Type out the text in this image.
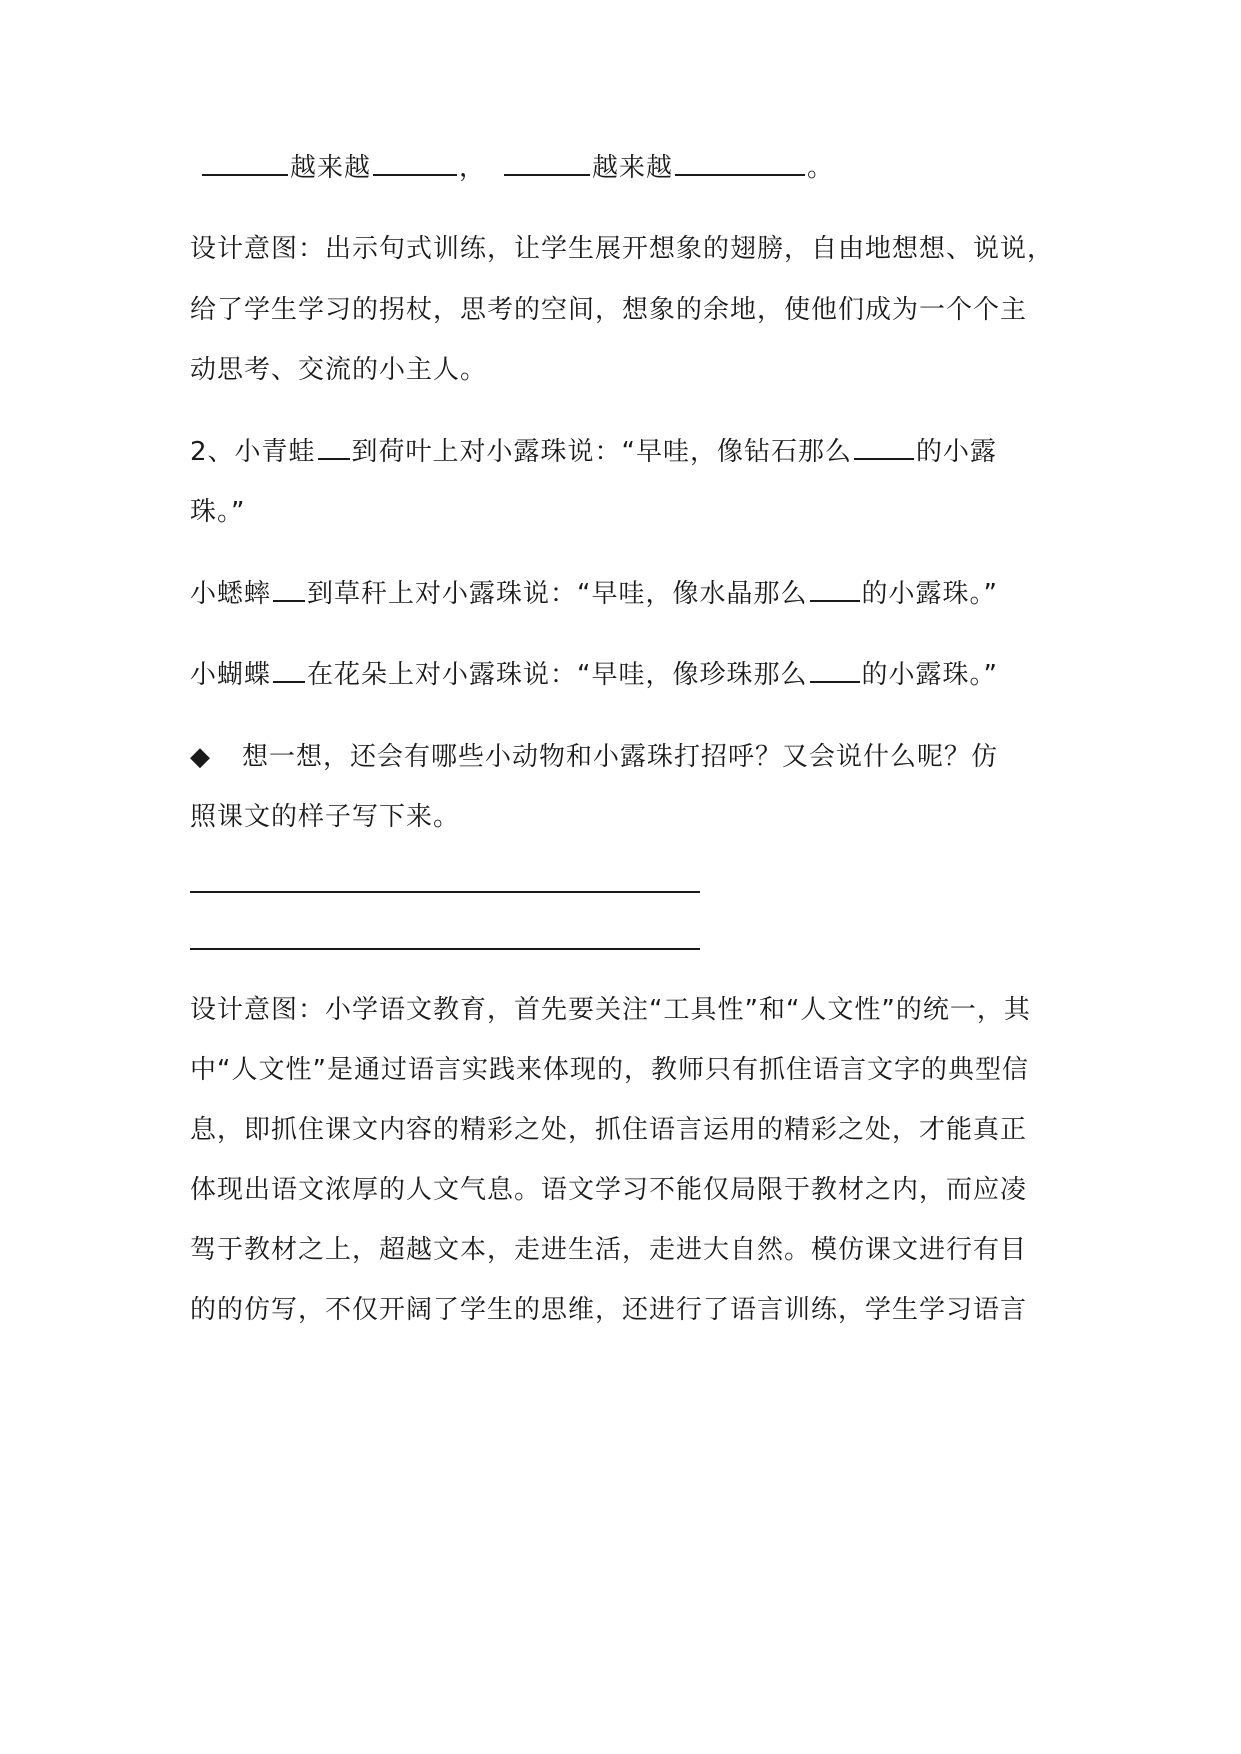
越来越	，	越来越	。
设计意图：出示句式训练，让学生展开想象的翅膀，自由地想想、说说，
给了学生学习的拐杖，思考的空间，想象的余地，使他们成为一个个主
动思考、交流的小主人。
2、小青蛙 到荷叶上对小露珠说：“早哇，像钻石那么 的小露
珠。”
小蟋蟀 到草秆上对小露珠说：“早哇，像水晶那么 的小露珠。”
小蝴蝶 在花朵上对小露珠说：“早哇，像珍珠那么 的小露珠。”
◆ 想一想，还会有哪些小动物和小露珠打招呼？又会说什么呢？仿
照课文的样子写下来。
设计意图：小学语文教育，首先要关注“工具性”和“人文性”的统一，其
中“人文性”是通过语言实践来体现的，教师只有抓住语言文字的典型信
息，即抓住课文内容的精彩之处，抓住语言运用的精彩之处，才能真正
体现出语文浓厚的人文气息。语文学习不能仅局限于教材之内，而应凌
驾于教材之上，超越文本，走进生活，走进大自然。模仿课文进行有目
的的仿写，不仅开阔了学生的思维，还进行了语言训练，学生学习语言
